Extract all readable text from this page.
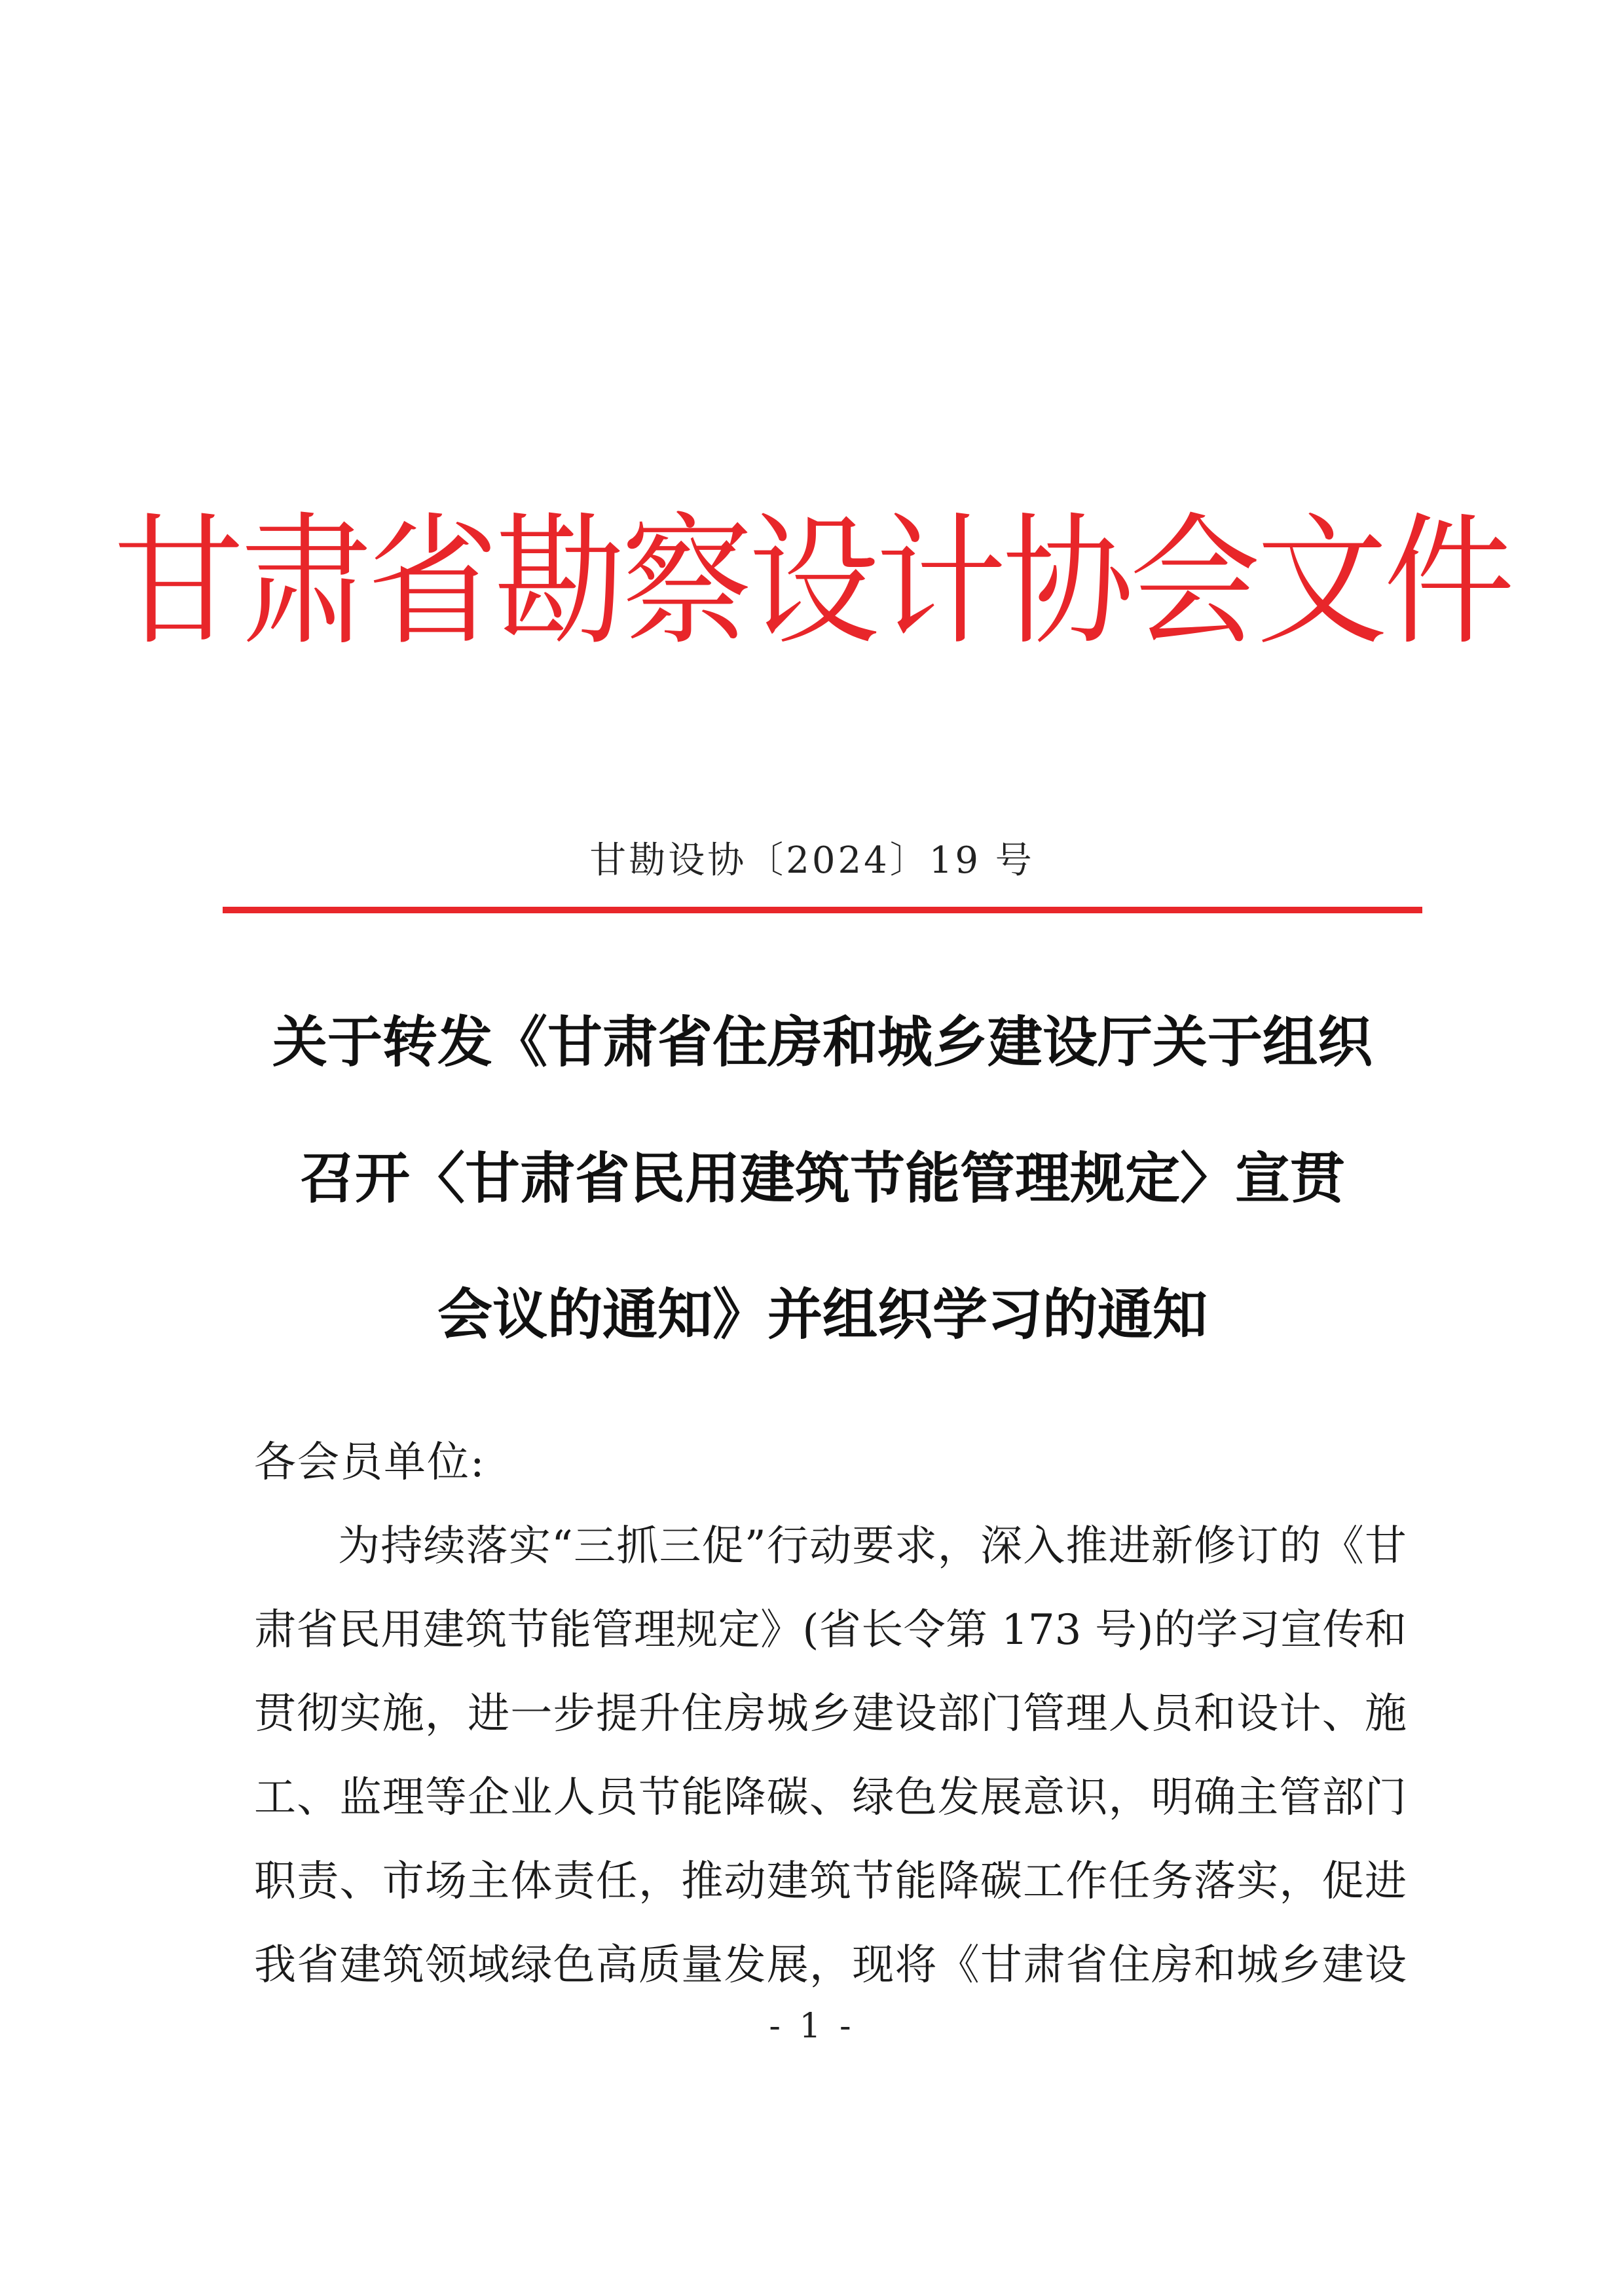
甘肃省勘察设计协会文件
甘勘设协〔2024〕19 号
关于转发《甘肃省住房和城乡建设厅关于组织
召开〈甘肃省民用建筑节能管理规定〉宣贯
会议的通知》并组织学习的通知
各会员单位:
为持续落实“三抓三促”行动要求，深入推进新修订的《甘
肃省民用建筑节能管理规定》(省长令第 173 号)的学习宣传和
贯彻实施，进一步提升住房城乡建设部门管理人员和设计、施
工、监理等企业人员节能降碳、绿色发展意识，明确主管部门
职责、市场主体责任，推动建筑节能降碳工作任务落实，促进
我省建筑领域绿色高质量发展，现将《甘肃省住房和城乡建设
- 1 -
